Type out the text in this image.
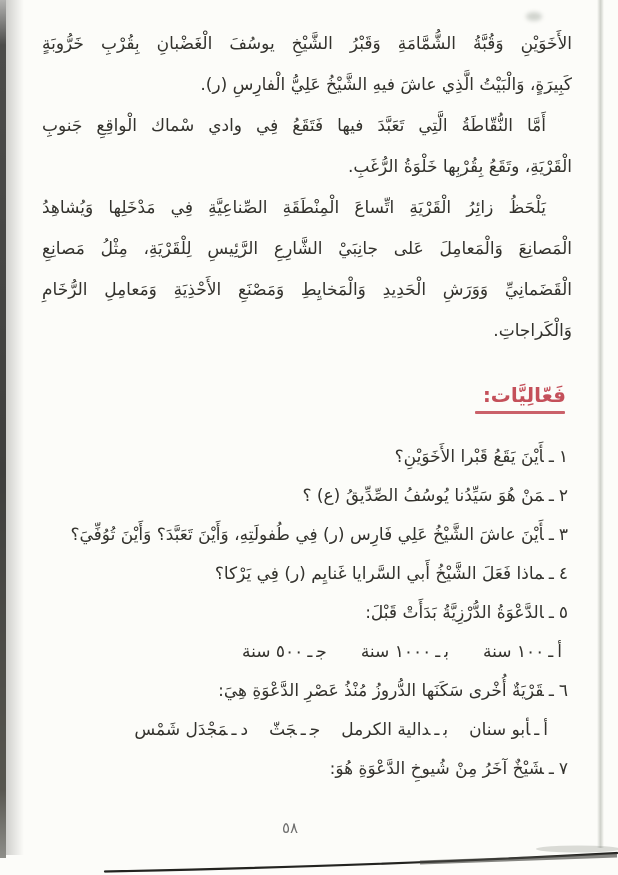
الأَخَوَيْنِ وَقُبَّةُ الشُّمَّامَةِ وَقَبْرُ الشَّيْخِ يوسُفَ الْغَضْبانِ بِقُرْبِ خَرُّوبَةٍ
كَبِيرَةٍ، وَالْبَيْتُ الَّذِي عاشَ فيهِ الشَّيْخُ عَلِيُّ الْفارِسِ (ر).
أَمَّا النُّقّاطَةُ الَّتِي تَعَبَّدَ فيها فَتَقَعُ فِي وادي سْماك الْواقِعِ جَنوبِ
الْقَرْيَةِ، وتَقَعُ بِقُرْبِها خَلْوَةُ الرُّغَبِ.
يَلْحَظُ زائِرُ الْقَرْيَةِ اتِّساعَ الْمِنْطَقَةِ الصِّناعِيَّةِ فِي مَدْخَلِها وَيُشاهِدُ
الْمَصانِعَ وَالْمَعامِلَ عَلى جانِبَيْ الشَّارِعِ الرَّئِيسِ لِلْقَرْيَةِ، مِثْلُ مَصانِعِ
الْقَضَمانِيِّ وَوَرَشِ الْحَدِيدِ وَالْمَخايِطِ وَمَصْنَعِ الأَحْذِيَةِ وَمَعامِلِ الرُّخَامِ
وَالْكَراجاتِ.
فَعّالِيَّات:
١ـأَيْنَ يَقَعُ قَبْرا الأَخَوَيْنِ؟
٢ـمَنْ هُوَ سَيِّدُنا يُوسُفُ الصِّدِّيقُ (ع) ؟
٣ـأَيْنَ عاشَ الشَّيْخُ عَلِي فَارِس (ر) فِي طُفولَتِهِ، وَأَيْنَ تَعَبَّدَ؟ وَأَيْنَ تُوُفِّيَ؟
٤ـماذا فَعَلَ الشَّيْخُ أَبي السَّرايا غَنايِم (ر) فِي يَرْكا؟
٥ـالدَّعْوَةُ الدُّرْزِيَّةُ بَدَأَتْ قَبْلَ:
أـ١٠٠ سنة
بـ١٠٠٠ سنة
جـ٥٠٠ سنة
٦ـقَرْيَةٌ أُخْرى سَكَنَها الدُّروزُ مُنْذُ عَصْرِ الدَّعْوَةِ هِيَ:
أـأبو سنان
بـدالية الكرمل
جـجَثّ
دـمَجْدَل شَمْس
٧ـشَيْخٌ آخَرُ مِنْ شُيوخِ الدَّعْوَةِ هُوَ:
٥٨
